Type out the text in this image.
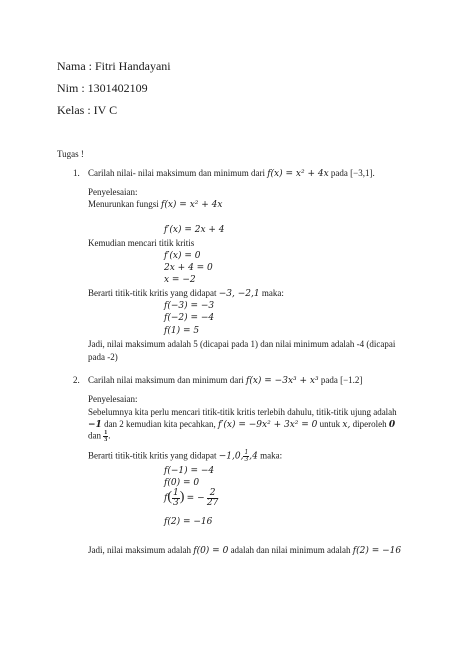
Nama : Fitri Handayani
Nim : 1301402109
Kelas : IV C
Tugas !
1. Carilah nilai- nilai maksimum dan minimum dari f(x) = x² + 4x pada [−3,1].
Penyelesaian:
Menurunkan fungsi f(x) = x² + 4x
f′(x) = 2x + 4
Kemudian mencari titik kritis
f′(x) = 0
2x + 4 = 0
x = −2
Berarti titik-titik kritis yang didapat −3, −2,1 maka:
f(−3) = −3
f(−2) = −4
f(1) = 5
Jadi, nilai maksimum adalah 5 (dicapai pada 1) dan nilai minimum adalah -4 (dicapai
pada -2)
2. Carilah nilai maksimum dan minimum dari f(x) = −3x³ + x³ pada [−1.2]
Penyelesaian:
Sebelumnya kita perlu mencari titik-titik kritis terlebih dahulu, titik-titik ujung adalah
−1 dan 2 kemudian kita pecahkan, f′(x) = −9x² + 3x² = 0 untuk x, diperoleh 0
dan $\frac{1}{3}$ .
Berarti titik-titik kritis yang didapat −1,0, $\frac{1}{3} ,4$ maka:
f(−1) = −4
f(0) = 0
$f( \frac{1}{3}$ ) = − $\frac{2}{27}$
f(2) = −16
Jadi, nilai maksimum adalah f(0) = 0 adalah dan nilai minimum adalah f(2) = −16
